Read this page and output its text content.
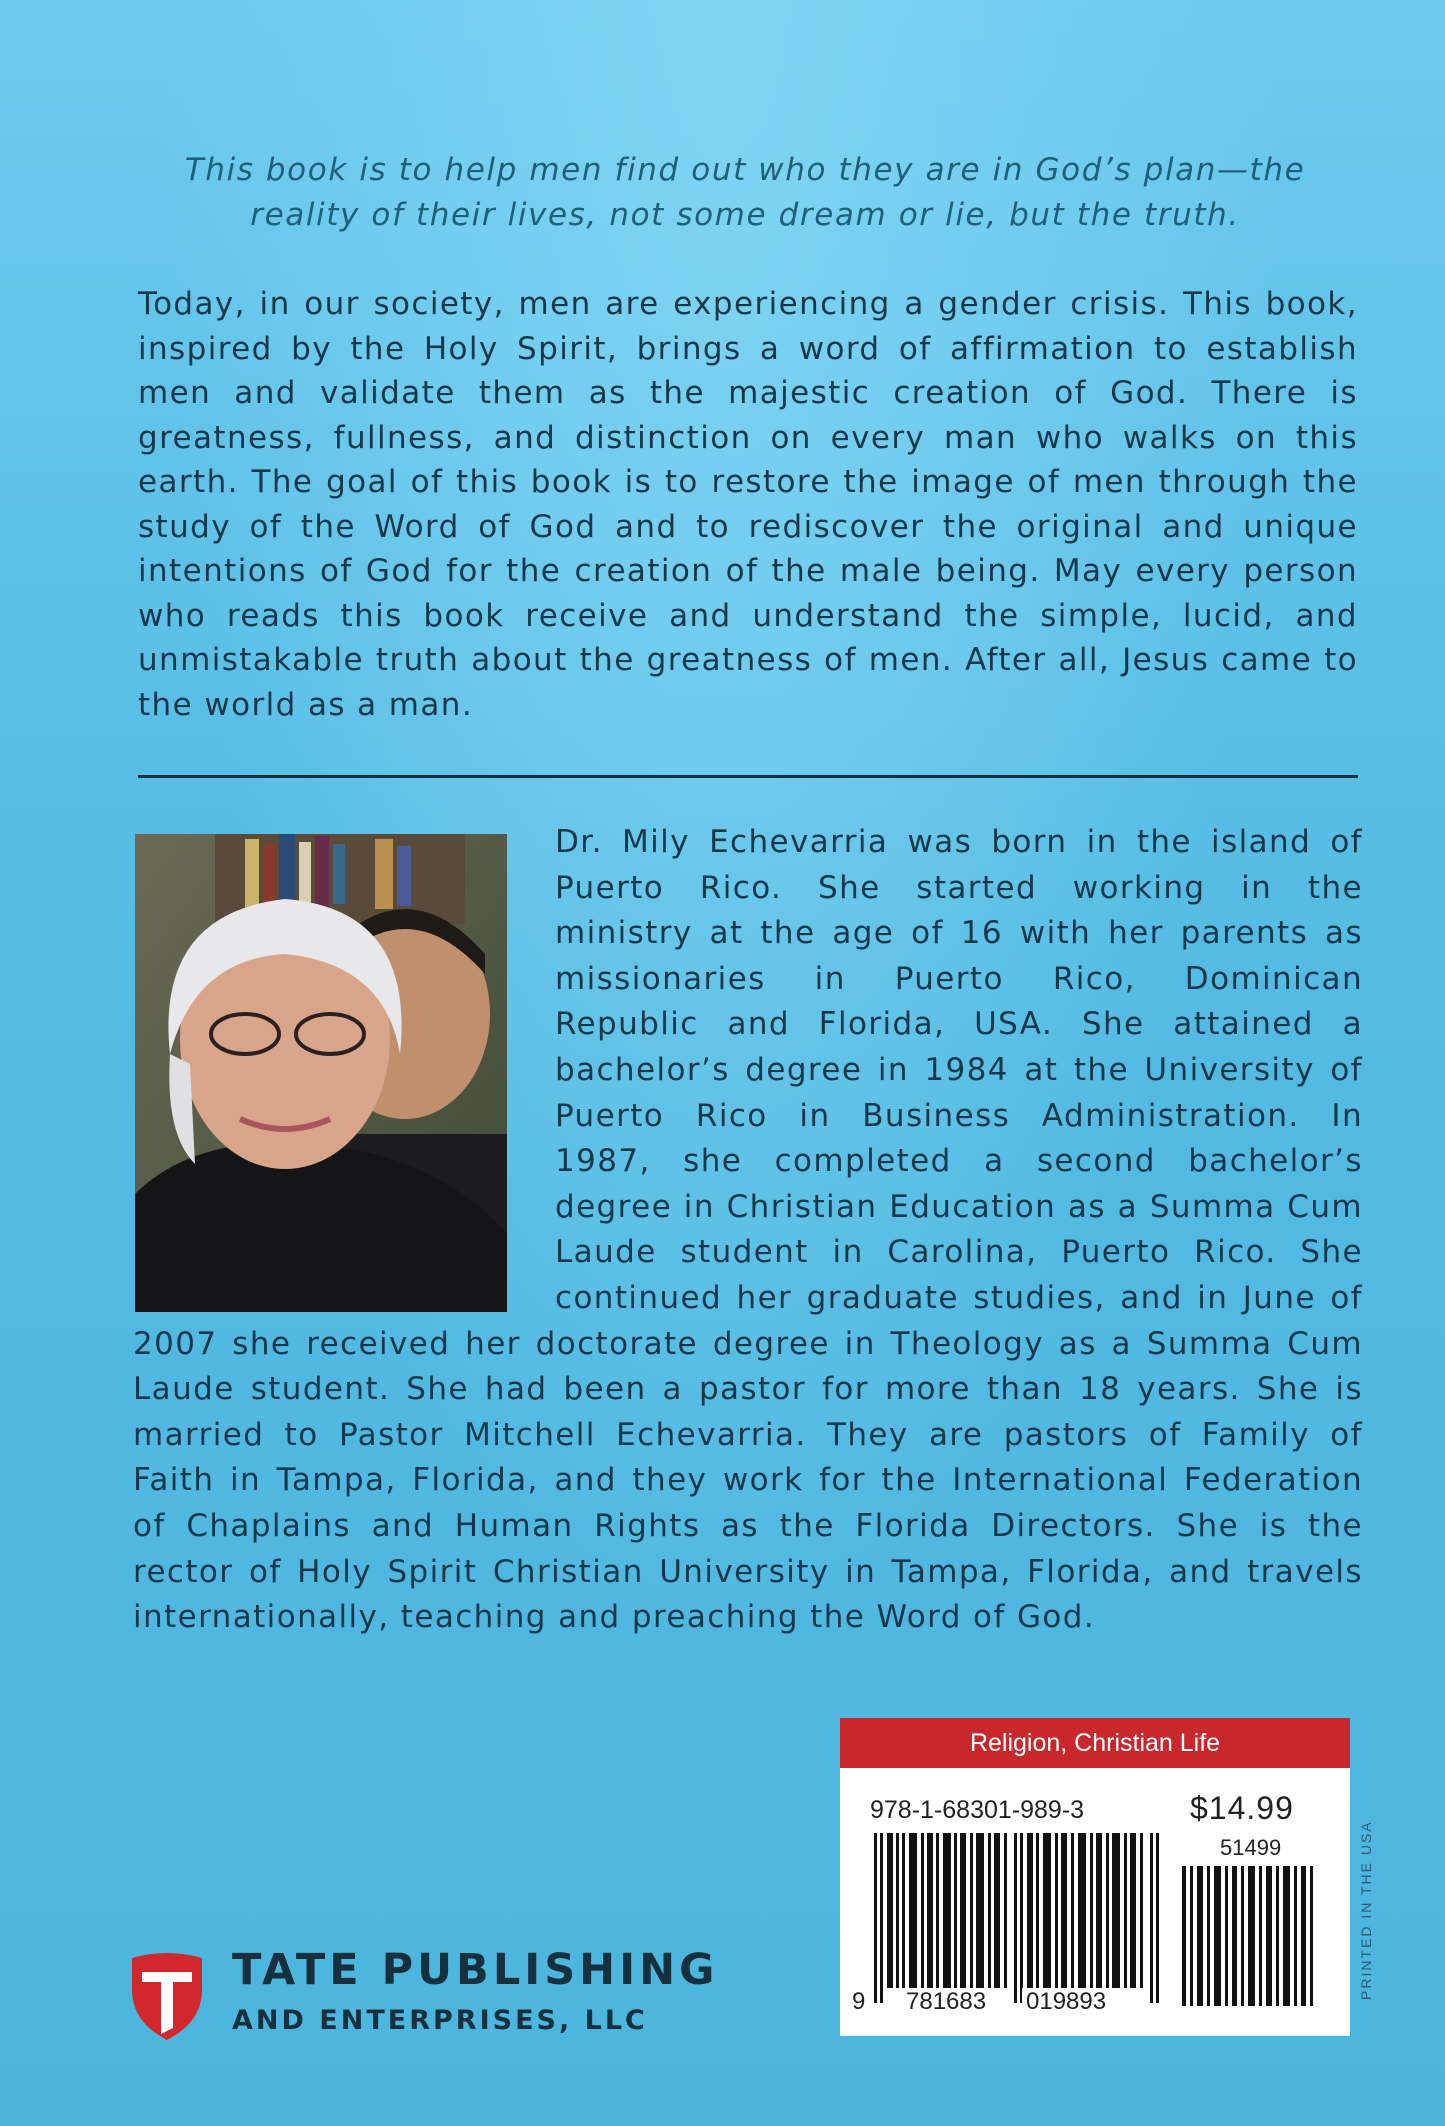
This book is to help men find out who they are in God’s plan—the reality of their lives, not some dream or lie, but the truth.
Today, in our society, men are experiencing a gender crisis. This book, inspired by the Holy Spirit, brings a word of affirmation to establish men and validate them as the majestic creation of God. There is greatness, fullness, and distinction on every man who walks on this earth. The goal of this book is to restore the image of men through the study of the Word of God and to rediscover the original and unique intentions of God for the creation of the male being. May every person who reads this book receive and understand the simple, lucid, and unmistakable truth about the greatness of men. After all, Jesus came to the world as a man.
Dr. Mily Echevarria was born in the island of Puerto Rico. She started working in the ministry at the age of 16 with her parents as missionaries in Puerto Rico, Dominican Republic and Florida, USA. She attained a bachelor’s degree in 1984 at the University of Puerto Rico in Business Administration. In 1987, she completed a second bachelor’s degree in Christian Education as a Summa Cum Laude student in Carolina, Puerto Rico. She continued her graduate studies, and in June of 2007 she received her doctorate degree in Theology as a Summa Cum Laude student. She had been a pastor for more than 18 years. She is married to Pastor Mitchell Echevarria. They are pastors of Family of Faith in Tampa, Florida, and they work for the International Federation of Chaplains and Human Rights as the Florida Directors. She is the rector of Holy Spirit Christian University in Tampa, Florida, and travels internationally, teaching and preaching the Word of God.
Religion, Christian Life
978-1-68301-989-3	$14.99
51499
9 781683 019893
PRINTED IN THE USA
TATE PUBLISHING
AND ENTERPRISES, LLC
